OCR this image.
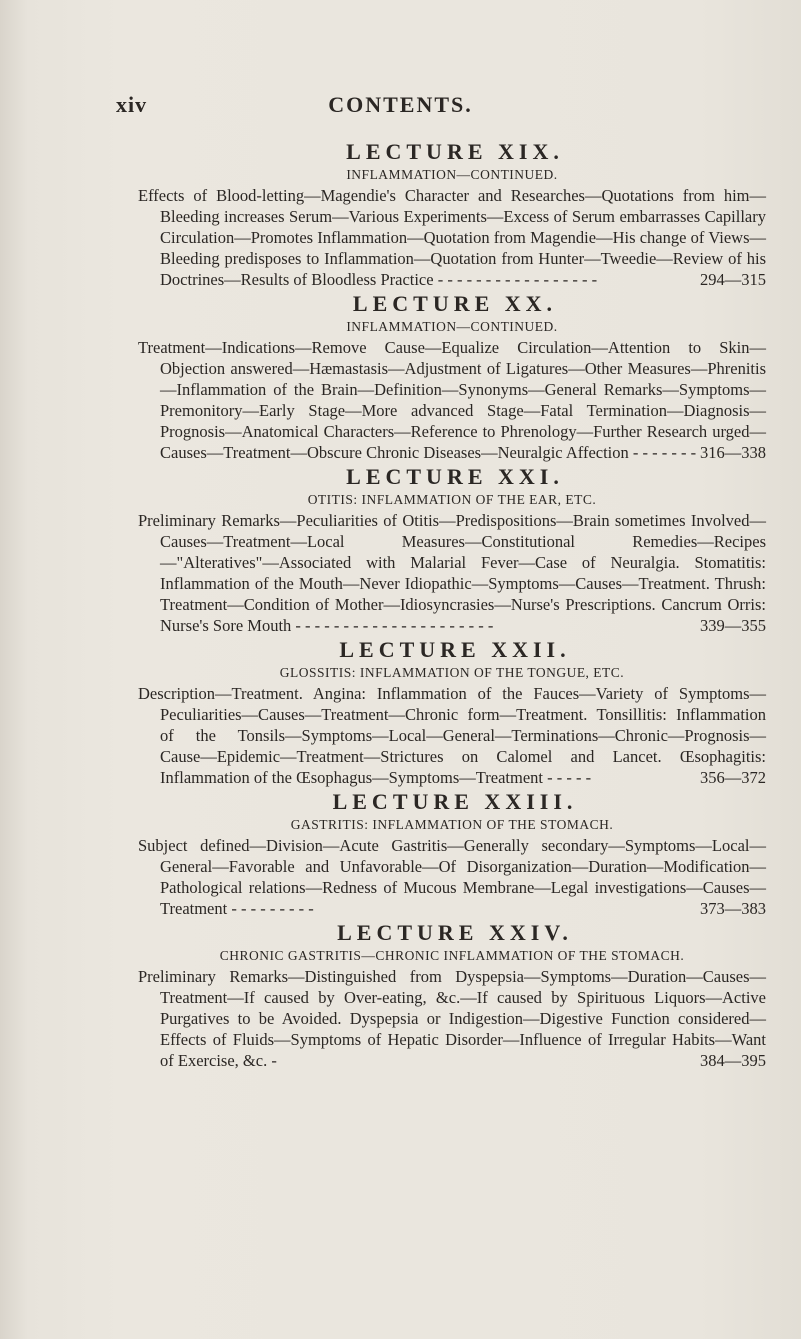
xiv	CONTENTS.
LECTURE XIX.
INFLAMMATION—CONTINUED.

Effects of Blood-letting—Magendie's Character and Researches—Quotations from him—Bleeding increases Serum—Various Experiments—Excess of Serum embarrasses Capillary Circulation—Promotes Inflammation—Quotation from Magendie—His change of Views—Bleeding predisposes to Inflammation—Quotation from Hunter—Tweedie—Review of his Doctrines—Results of Bloodless Practice - - - - - - - - - - - - - - - - -	294—315

LECTURE XX.
INFLAMMATION—CONTINUED.

Treatment—Indications—Remove Cause—Equalize Circulation—Attention to Skin—Objection answered—Hæmastasis—Adjustment of Ligatures—Other Measures—Phrenitis—Inflammation of the Brain—Definition—Synonyms—General Remarks—Symptoms—Premonitory—Early Stage—More advanced Stage—Fatal Termination—Diagnosis—Prognosis—Anatomical Characters—Reference to Phrenology—Further Research urged—Causes—Treatment—Obscure Chronic Diseases—Neuralgic Affection - - - - - - - 316—338

LECTURE XXI.
OTITIS: INFLAMMATION OF THE EAR, ETC.

Preliminary Remarks—Peculiarities of Otitis—Predispositions—Brain sometimes Involved—Causes—Treatment—Local Measures—Constitutional Remedies—Recipes—"Alteratives"—Associated with Malarial Fever—Case of Neuralgia. Stomatitis: Inflammation of the Mouth—Never Idiopathic—Symptoms—Causes—Treatment. Thrush: Treatment—Condition of Mother—Idiosyncrasies—Nurse's Prescriptions. Cancrum Orris: Nurse's Sore Mouth - - - - - - - - - - - - - - - - - - - - -	339—355

LECTURE XXII.
GLOSSITIS: INFLAMMATION OF THE TONGUE, ETC.

Description—Treatment. Angina: Inflammation of the Fauces—Variety of Symptoms—Peculiarities—Causes—Treatment—Chronic form—Treatment. Tonsillitis: Inflammation of the Tonsils—Symptoms—Local—General—Terminations—Chronic—Prognosis—Cause—Epidemic—Treatment—Strictures on Calomel and Lancet. Œsophagitis: Inflammation of the Œsophagus—Symptoms—Treatment - - - - -	356—372

LECTURE XXIII.
GASTRITIS: INFLAMMATION OF THE STOMACH.

Subject defined—Division—Acute Gastritis—Generally secondary—Symptoms—Local—General—Favorable and Unfavorable—Of Disorganization—Duration—Modification—Pathological relations—Redness of Mucous Membrane—Legal investigations—Causes—Treatment - - - - - - - - -	373—383

LECTURE XXIV.
CHRONIC GASTRITIS—CHRONIC INFLAMMATION OF THE STOMACH.

Preliminary Remarks—Distinguished from Dyspepsia—Symptoms—Duration—Causes—Treatment—If caused by Over-eating, &c.—If caused by Spirituous Liquors—Active Purgatives to be Avoided. Dyspepsia or Indigestion—Digestive Function considered—Effects of Fluids—Symptoms of Hepatic Disorder—Influence of Irregular Habits—Want of Exercise, &c. -	384—395
